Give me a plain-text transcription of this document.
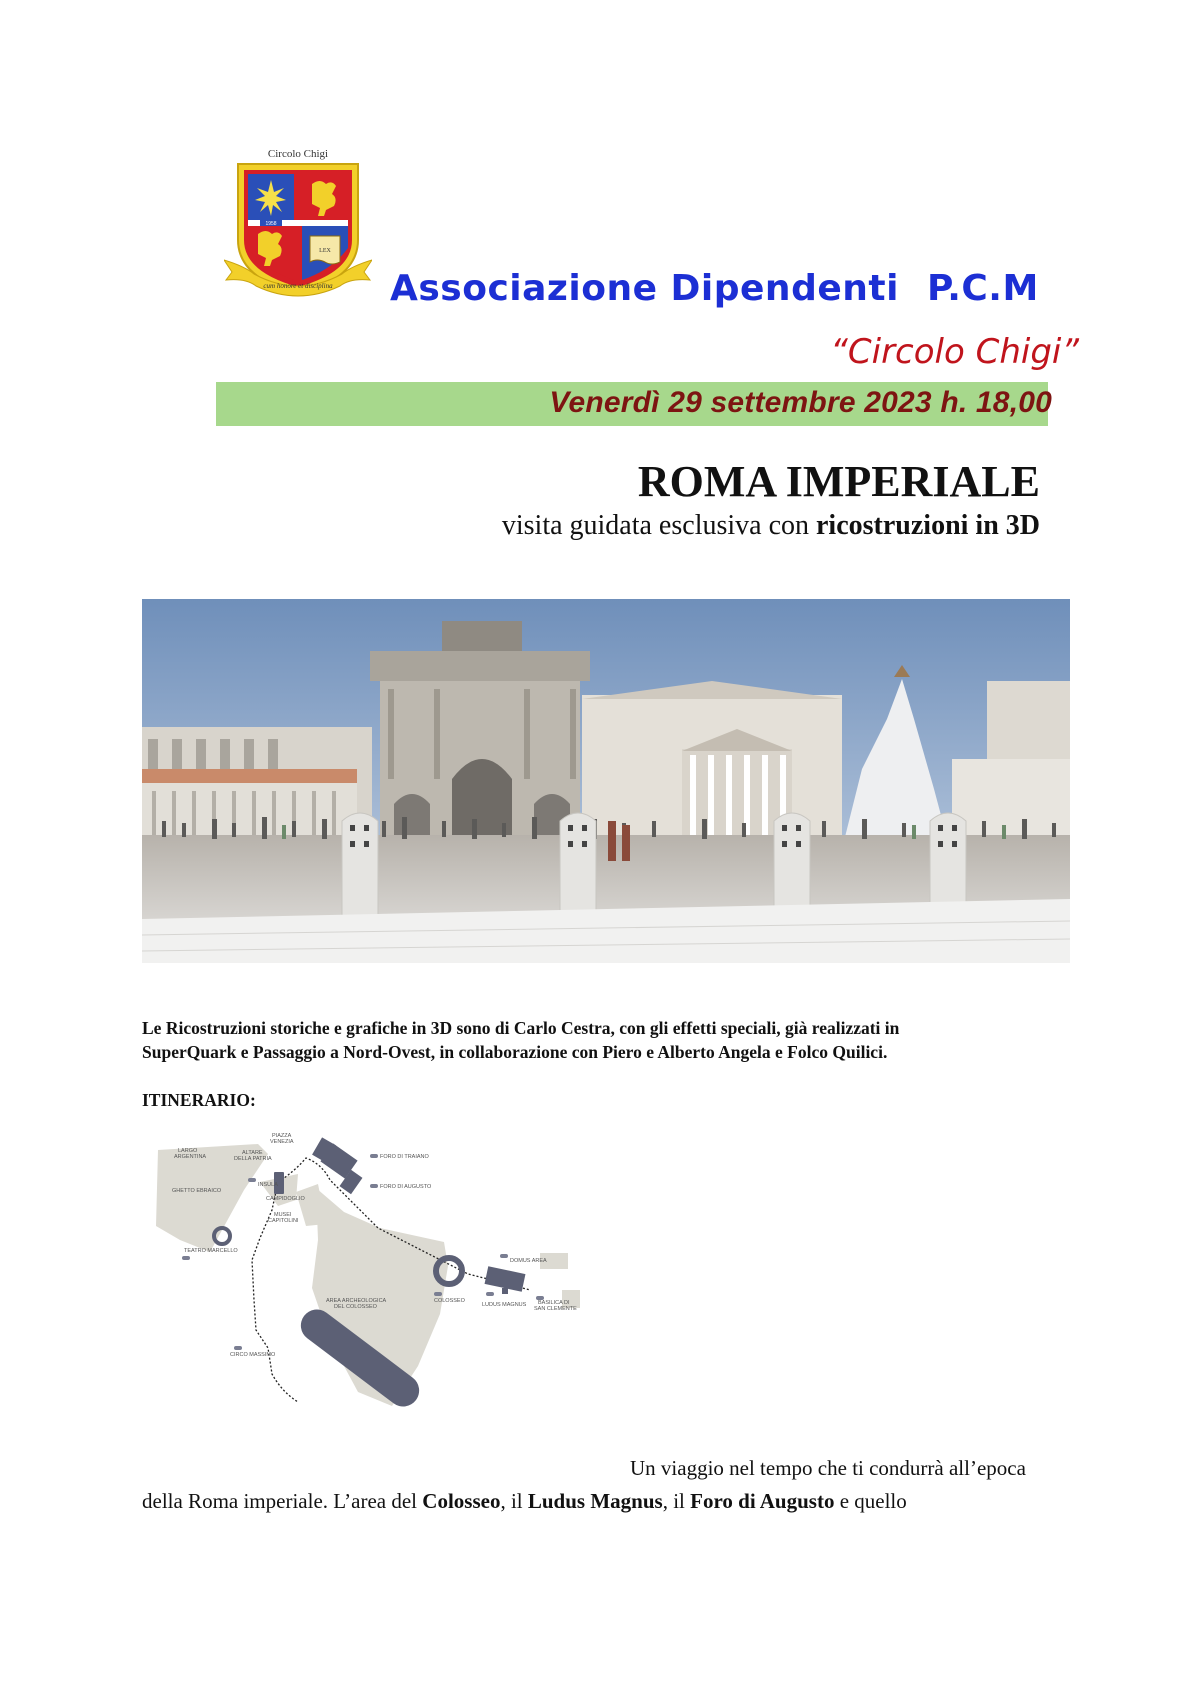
Circolo Chigi
LEX
1958
cum honore et disciplina Associazione Dipendenti P.C.M
“Circolo Chigi”
Venerdì 29 settembre 2023 h. 18,00
ROMA IMPERIALE
visita guidata esclusiva con ricostruzioni in 3D
Le Ricostruzioni storiche e grafiche in 3D sono di Carlo Cestra, con gli effetti speciali, già realizzati in
SuperQuark e Passaggio a Nord-Ovest, in collaborazione con Piero e Alberto Angela e Folco Quilici.
ITINERARIO:
LARGO
ARGENTINA
PIAZZA
VENEZIA
ALTARE
DELLA PATRIA	FORO DI TRAIANO
FORO DI AUGUSTO
GHETTO EBRAICO
INSULA
CAMPIDOGLIO
MUSEI
CAPITOLINI
TEATRO MARCELLO
DOMUS AREA
AREA ARCHEOLOGICA
DEL COLOSSEO
COLOSSEO
LUDUS MAGNUS BASILICA DI
SAN CLEMENTE
CIRCO MASSIMO
Un viaggio nel tempo che ti condurrà all’epoca
della Roma imperiale. L’area del Colosseo, il Ludus Magnus, il Foro di Augusto e quello
